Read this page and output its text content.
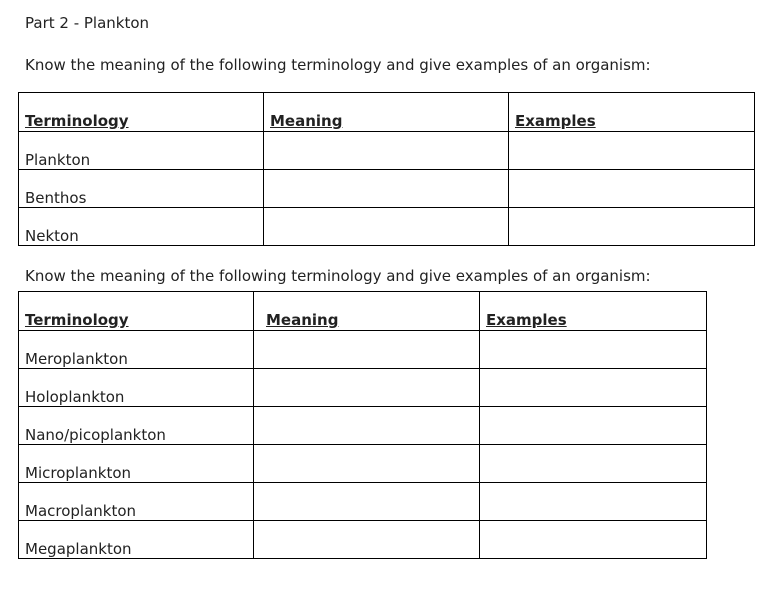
Part 2 - Plankton
Know the meaning of the following terminology and give examples of an organism:
Terminology	Meaning	Examples
Plankton		
Benthos		
Nekton		
Know the meaning of the following terminology and give examples of an organism:
Terminology	Meaning	Examples
Meroplankton		
Holoplankton		
Nano/picoplankton		
Microplankton		
Macroplankton		
Megaplankton		
